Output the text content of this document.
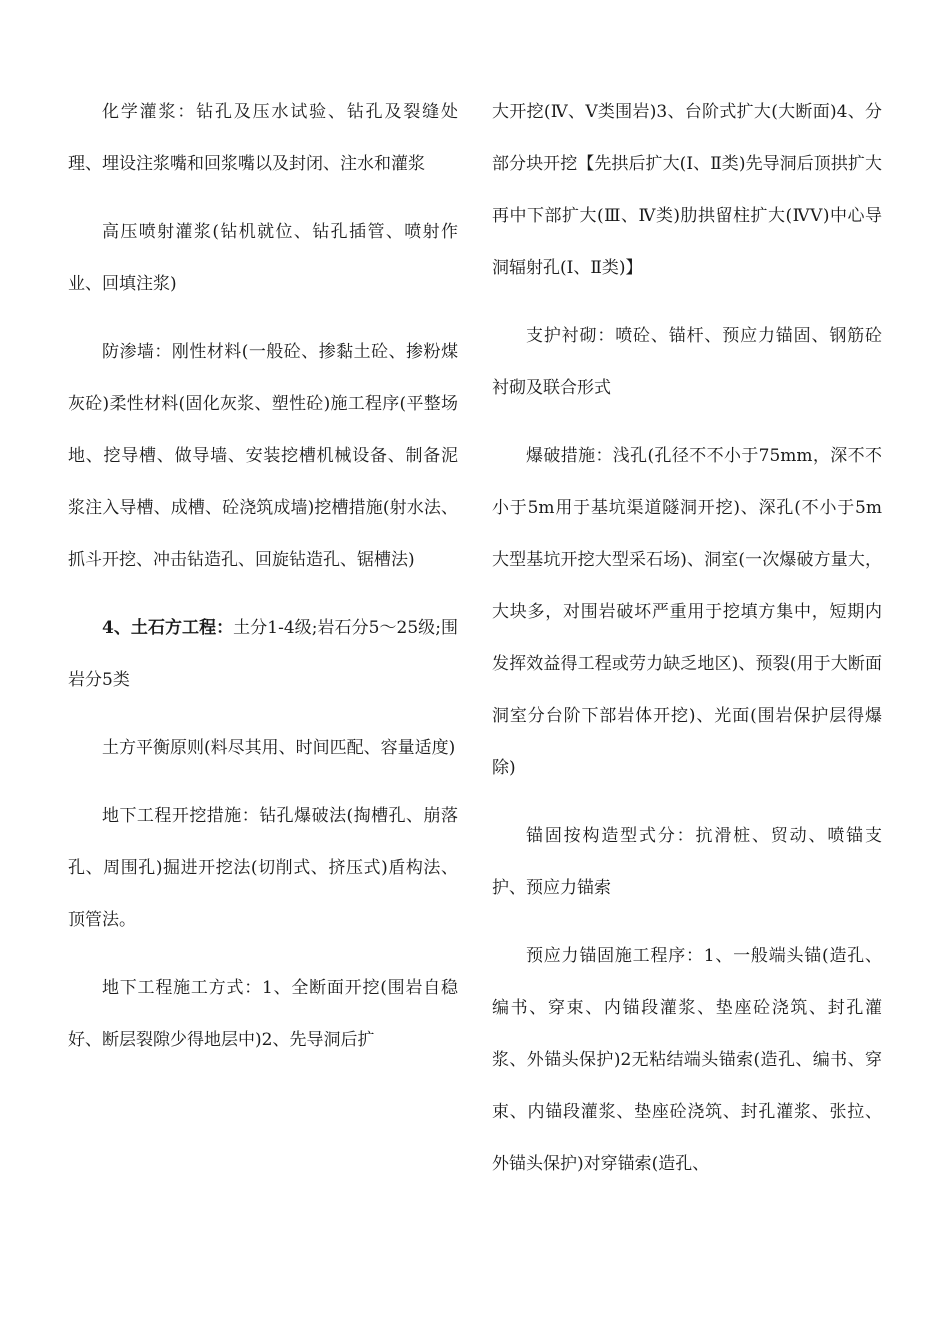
化学灌浆：钻孔及压水试验、钻孔及裂缝处理、埋设注浆嘴和回浆嘴以及封闭、注水和灌浆

高压喷射灌浆(钻机就位、钻孔插管、喷射作业、回填注浆)

防渗墙：刚性材料(一般砼、掺黏土砼、掺粉煤灰砼)柔性材料(固化灰浆、塑性砼)施工程序(平整场地、挖导槽、做导墙、安装挖槽机械设备、制备泥浆注入导槽、成槽、砼浇筑成墙)挖槽措施(射水法、抓斗开挖、冲击钻造孔、回旋钻造孔、锯槽法)

4、土石方工程：土分1-4级;岩石分5～25级;围岩分5类

土方平衡原则(料尽其用、时间匹配、容量适度)

地下工程开挖措施：钻孔爆破法(掏槽孔、崩落孔、周围孔)掘进开挖法(切削式、挤压式)盾构法、顶管法。

地下工程施工方式：1、全断面开挖(围岩自稳好、断层裂隙少得地层中)2、先导洞后扩

大开挖(Ⅳ、Ⅴ类围岩)3、台阶式扩大(大断面)4、分部分块开挖【先拱后扩大(Ⅰ、Ⅱ类)先导洞后顶拱扩大再中下部扩大(Ⅲ、Ⅳ类)肋拱留柱扩大(ⅣⅤ)中心导洞辐射孔(Ⅰ、Ⅱ类)】

支护衬砌：喷砼、锚杆、预应力锚固、钢筋砼衬砌及联合形式

爆破措施：浅孔(孔径不不小于75mm，深不不小于5m用于基坑渠道隧洞开挖)、深孔(不小于5m大型基坑开挖大型采石场)、洞室(一次爆破方量大，大块多，对围岩破坏严重用于挖填方集中，短期内发挥效益得工程或劳力缺乏地区)、预裂(用于大断面洞室分台阶下部岩体开挖)、光面(围岩保护层得爆除)

锚固按构造型式分：抗滑桩、贸动、喷锚支护、预应力锚索

预应力锚固施工程序：1、一般端头锚(造孔、编书、穿束、内锚段灌浆、垫座砼浇筑、封孔灌浆、外锚头保护)2无粘结端头锚索(造孔、编书、穿束、内锚段灌浆、垫座砼浇筑、封孔灌浆、张拉、外锚头保护)对穿锚索(造孔、
